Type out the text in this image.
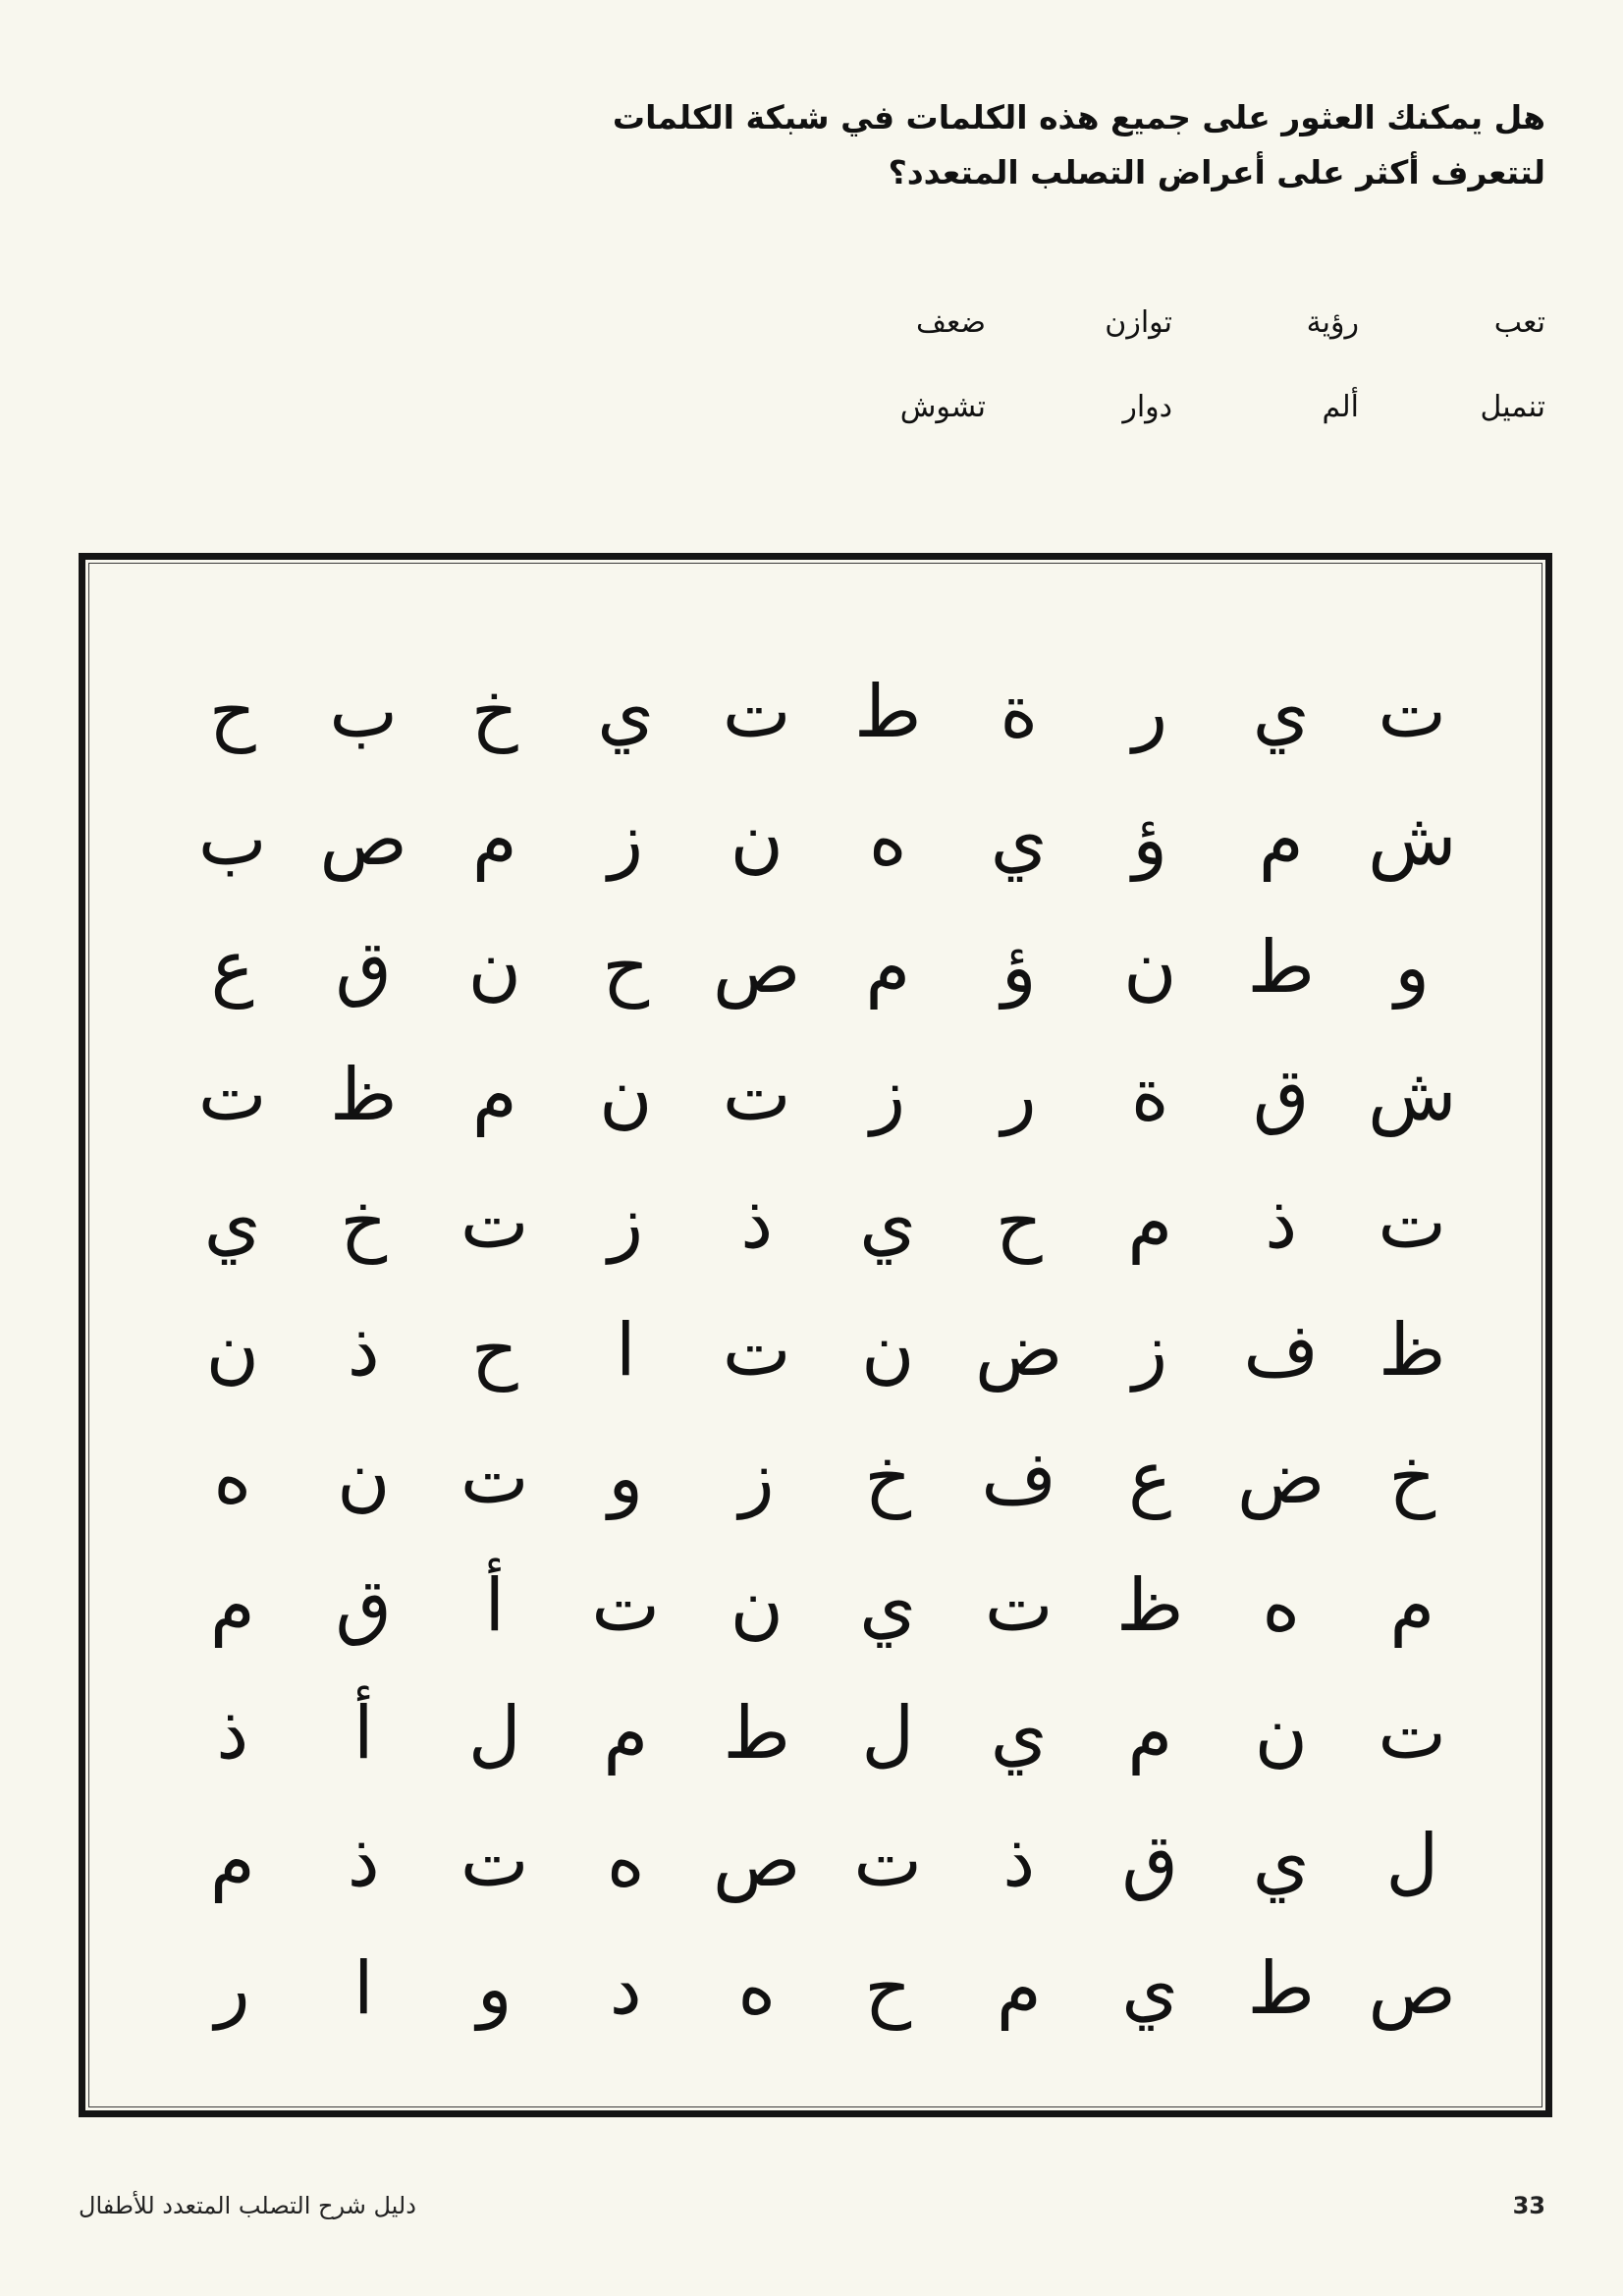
هل يمكنك العثور على جميع هذه الكلمات في شبكة الكلمات
لتتعرف أكثر على أعراض التصلب المتعدد؟
تعب
رؤية
توازن
ضعف
تنميل
ألم
دوار
تشوش
ت
ي
ر
ة
ط
ت
ي
خ
ب
ح
ش
م
ؤ
ي
ه
ن
ز
م
ص
ب
و
ط
ن
ؤ
م
ص
ح
ن
ق
ع
ش
ق
ة
ر
ز
ت
ن
م
ظ
ت
ت
ذ
م
ح
ي
ذ
ز
ت
خ
ي
ظ
ف
ز
ض
ن
ت
ا
ح
ذ
ن
خ
ض
ع
ف
خ
ز
و
ت
ن
ه
م
ه
ظ
ت
ي
ن
ت
أ
ق
م
ت
ن
م
ي
ل
ط
م
ل
أ
ذ
ل
ي
ق
ذ
ت
ص
ه
ت
ذ
م
ص
ط
ي
م
ح
ه
د
و
ا
ر
دليل شرح التصلب المتعدد للأطفال	33
